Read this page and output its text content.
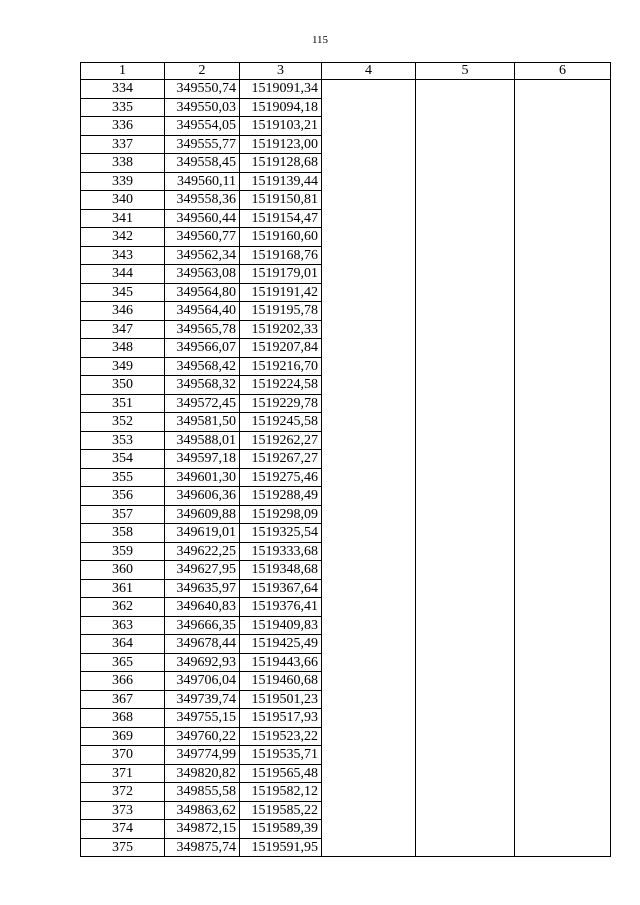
115
1	2	3	4	5	6
334	349550,74	1519091,34			
335	349550,03	1519094,18			
336	349554,05	1519103,21			
337	349555,77	1519123,00			
338	349558,45	1519128,68			
339	349560,11	1519139,44			
340	349558,36	1519150,81			
341	349560,44	1519154,47			
342	349560,77	1519160,60			
343	349562,34	1519168,76			
344	349563,08	1519179,01			
345	349564,80	1519191,42			
346	349564,40	1519195,78			
347	349565,78	1519202,33			
348	349566,07	1519207,84			
349	349568,42	1519216,70			
350	349568,32	1519224,58			
351	349572,45	1519229,78			
352	349581,50	1519245,58			
353	349588,01	1519262,27			
354	349597,18	1519267,27			
355	349601,30	1519275,46			
356	349606,36	1519288,49			
357	349609,88	1519298,09			
358	349619,01	1519325,54			
359	349622,25	1519333,68			
360	349627,95	1519348,68			
361	349635,97	1519367,64			
362	349640,83	1519376,41			
363	349666,35	1519409,83			
364	349678,44	1519425,49			
365	349692,93	1519443,66			
366	349706,04	1519460,68			
367	349739,74	1519501,23			
368	349755,15	1519517,93			
369	349760,22	1519523,22			
370	349774,99	1519535,71			
371	349820,82	1519565,48			
372	349855,58	1519582,12			
373	349863,62	1519585,22			
374	349872,15	1519589,39			
375	349875,74	1519591,95			
